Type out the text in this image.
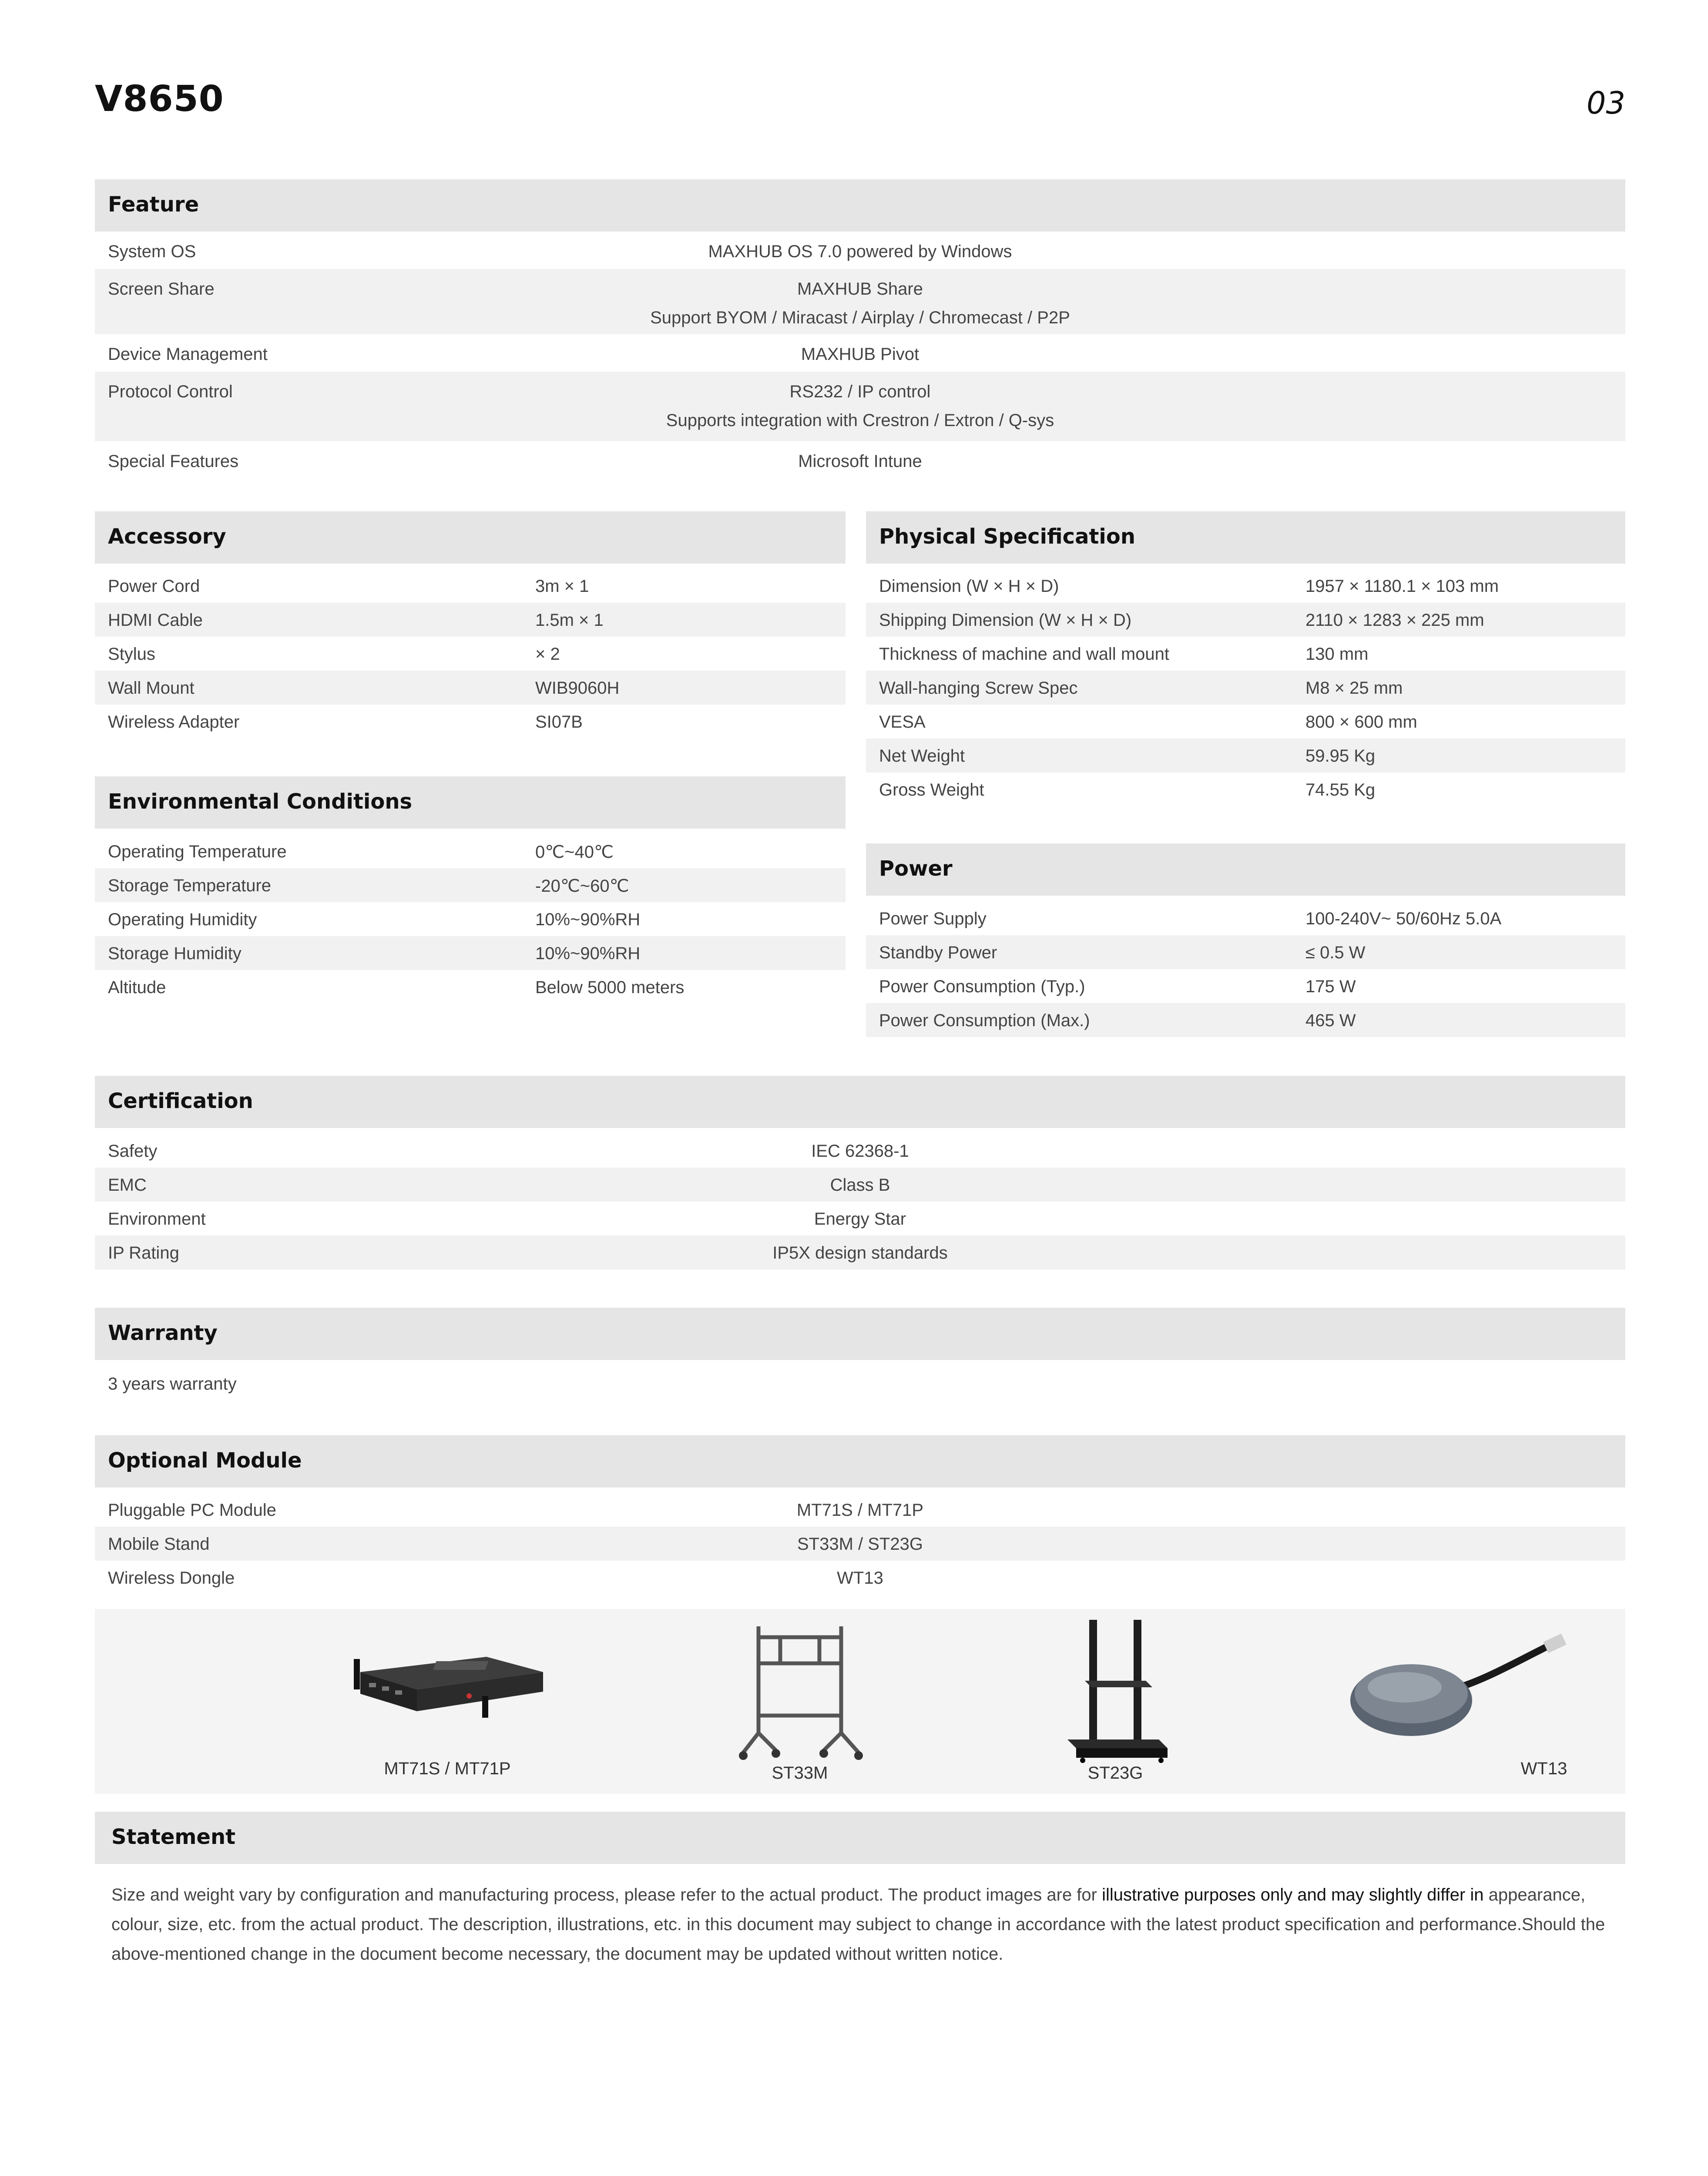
V8650	03
Feature
System OS	MAXHUB OS 7.0 powered by Windows
Screen Share	MAXHUB Share
Support BYOM / Miracast / Airplay / Chromecast / P2P
Device Management	MAXHUB Pivot
Protocol Control	RS232 / IP control
Supports integration with Crestron / Extron / Q-sys
Special Features	Microsoft Intune
Accessory
Power Cord	3m × 1
HDMI Cable	1.5m × 1
Stylus	× 2
Wall Mount	WIB9060H
Wireless Adapter	SI07B
Environmental Conditions
Operating Temperature	0℃~40℃
Storage Temperature	-20℃~60℃
Operating Humidity	10%~90%RH
Storage Humidity	10%~90%RH
Altitude	Below 5000 meters
Physical Specification
Dimension (W × H × D)	1957 × 1180.1 × 103 mm
Shipping Dimension (W × H × D)	2110 × 1283 × 225 mm
Thickness of machine and wall mount	130 mm
Wall-hanging Screw Spec	M8 × 25 mm
VESA	800 × 600 mm
Net Weight	59.95 Kg
Gross Weight	74.55 Kg
Power
Power Supply	100-240V~ 50/60Hz 5.0A
Standby Power	≤ 0.5 W
Power Consumption (Typ.)	175 W
Power Consumption (Max.)	465 W
Certification
Safety	IEC 62368-1
EMC	Class B
Environment	Energy Star
IP Rating	IP5X design standards
Warranty
3 years warranty
Optional Module
Pluggable PC Module	MT71S / MT71P
Mobile Stand	ST33M / ST23G
Wireless Dongle	WT13
MT71S / MT71P	ST33M	ST23G	WT13
Statement
Size and weight vary by configuration and manufacturing process, please refer to the actual product. The product images are for illustrative purposes only and may slightly differ in appearance, colour, size, etc. from the actual product. The description, illustrations, etc. in this document may subject to change in accordance with the latest product specification and performance.Should the above-mentioned change in the document become necessary, the document may be updated without written notice.
